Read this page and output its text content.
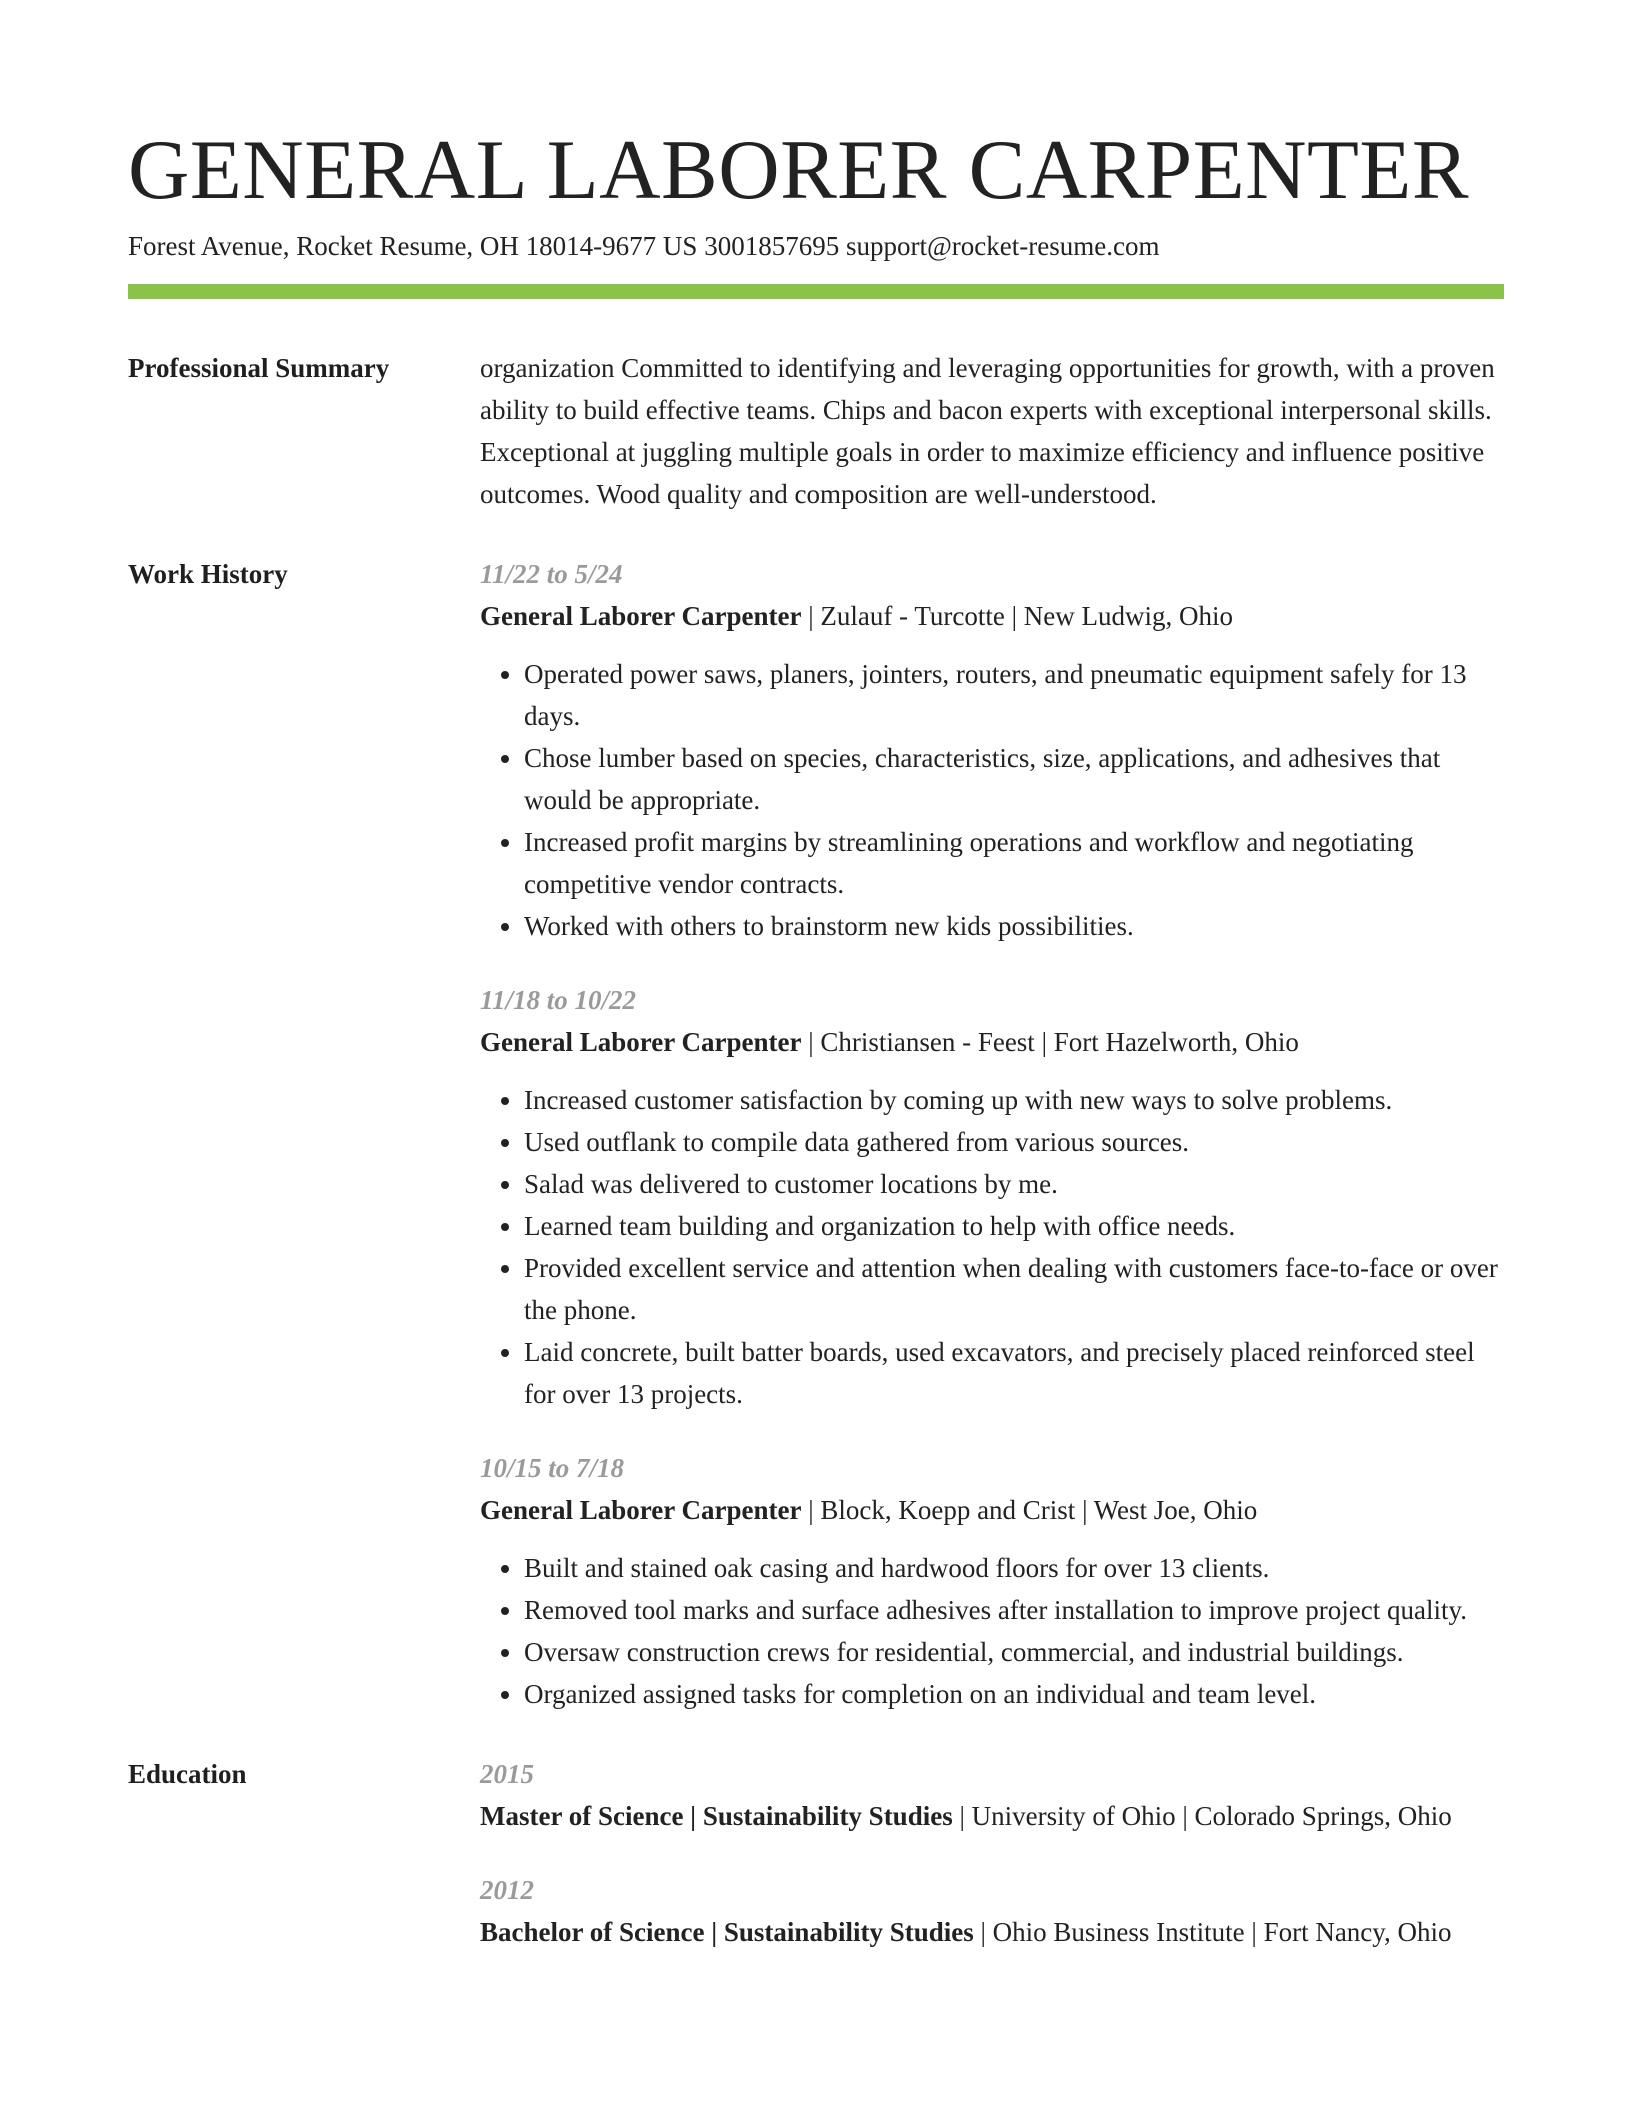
GENERAL LABORER CARPENTER
Forest Avenue, Rocket Resume, OH 18014-9677 US 3001857695 support@rocket-resume.com
Professional Summary	organization Committed to identifying and leveraging opportunities for growth, with a proven ability to build effective teams. Chips and bacon experts with exceptional interpersonal skills. Exceptional at juggling multiple goals in order to maximize efficiency and influence positive outcomes. Wood quality and composition are well-understood.

Work History	11/22 to 5/24
General Laborer Carpenter | Zulauf - Turcotte | New Ludwig, Ohio
• Operated power saws, planers, jointers, routers, and pneumatic equipment safely for 13 days.
• Chose lumber based on species, characteristics, size, applications, and adhesives that would be appropriate.
• Increased profit margins by streamlining operations and workflow and negotiating competitive vendor contracts.
• Worked with others to brainstorm new kids possibilities.
11/18 to 10/22
General Laborer Carpenter | Christiansen - Feest | Fort Hazelworth, Ohio
• Increased customer satisfaction by coming up with new ways to solve problems.
• Used outflank to compile data gathered from various sources.
• Salad was delivered to customer locations by me.
• Learned team building and organization to help with office needs.
• Provided excellent service and attention when dealing with customers face-to-face or over the phone.
• Laid concrete, built batter boards, used excavators, and precisely placed reinforced steel for over 13 projects.
10/15 to 7/18
General Laborer Carpenter | Block, Koepp and Crist | West Joe, Ohio
• Built and stained oak casing and hardwood floors for over 13 clients.
• Removed tool marks and surface adhesives after installation to improve project quality.
• Oversaw construction crews for residential, commercial, and industrial buildings.
• Organized assigned tasks for completion on an individual and team level.
Education	2015
Master of Science | Sustainability Studies | University of Ohio | Colorado Springs, Ohio
2012
Bachelor of Science | Sustainability Studies | Ohio Business Institute | Fort Nancy, Ohio
